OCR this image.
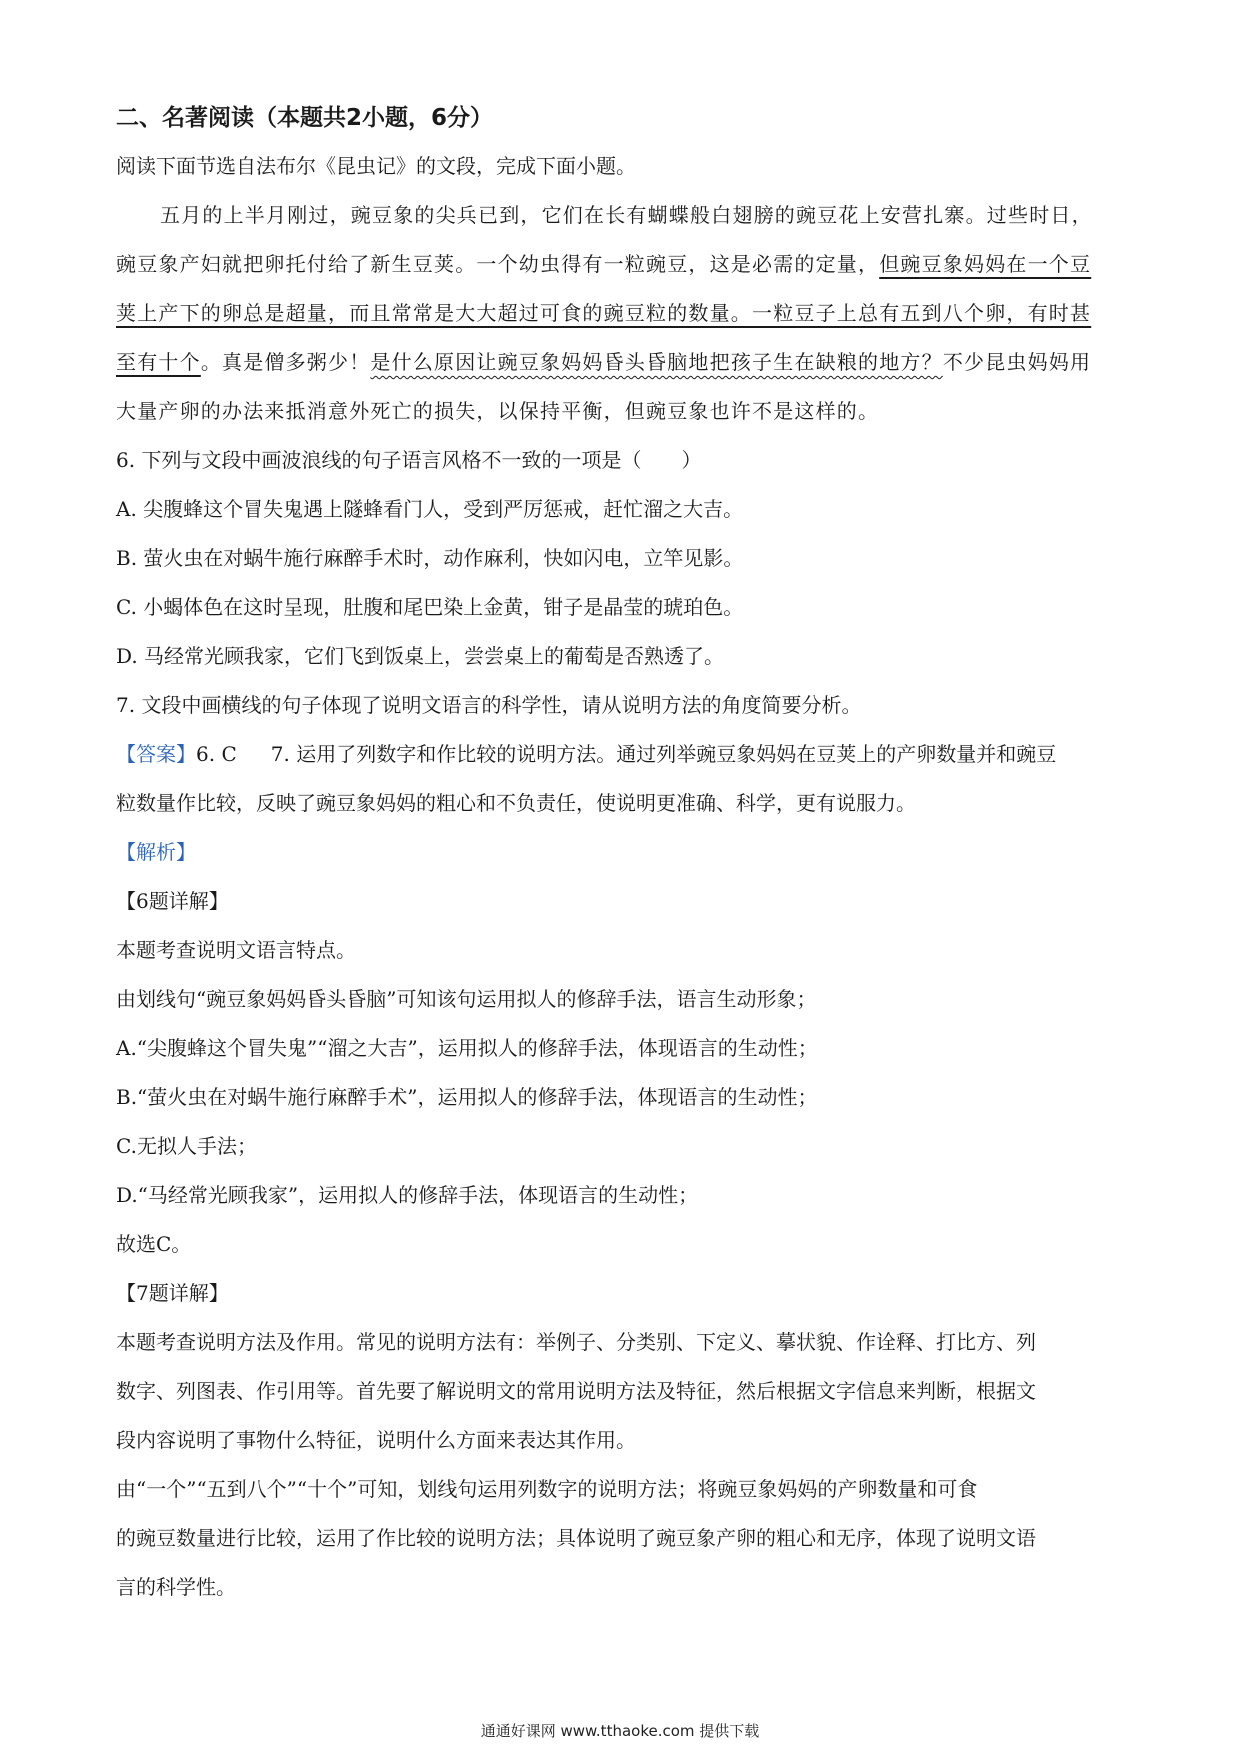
二、名著阅读（本题共2小题，6分）

阅读下面节选自法布尔《昆虫记》的文段，完成下面小题。

五月的上半月刚过，豌豆象的尖兵已到，它们在长有蝴蝶般白翅膀的豌豆花上安营扎寨。过些时日，
豌豆象产妇就把卵托付给了新生豆荚。一个幼虫得有一粒豌豆，这是必需的定量，但豌豆象妈妈在一个豆
荚上产下的卵总是超量，而且常常是大大超过可食的豌豆粒的数量。一粒豆子上总有五到八个卵，有时甚
至有十个。真是僧多粥少！是什么原因让豌豆象妈妈昏头昏脑地把孩子生在缺粮的地方？不少昆虫妈妈用
大量产卵的办法来抵消意外死亡的损失，以保持平衡，但豌豆象也许不是这样的。

6. 下列与文段中画波浪线的句子语言风格不一致的一项是（　　）

A. 尖腹蜂这个冒失鬼遇上隧蜂看门人，受到严厉惩戒，赶忙溜之大吉。

B. 萤火虫在对蜗牛施行麻醉手术时，动作麻利，快如闪电，立竿见影。

C. 小蝎体色在这时呈现，肚腹和尾巴染上金黄，钳子是晶莹的琥珀色。

D. 马经常光顾我家，它们飞到饭桌上，尝尝桌上的葡萄是否熟透了。

7. 文段中画横线的句子体现了说明文语言的科学性，请从说明方法的角度简要分析。

【答案】6. C 7. 运用了列数字和作比较的说明方法。通过列举豌豆象妈妈在豆荚上的产卵数量并和豌豆

粒数量作比较，反映了豌豆象妈妈的粗心和不负责任，使说明更准确、科学，更有说服力。

【解析】

【6题详解】

本题考查说明文语言特点。

由划线句“豌豆象妈妈昏头昏脑”可知该句运用拟人的修辞手法，语言生动形象；

A.“尖腹蜂这个冒失鬼”“溜之大吉”，运用拟人的修辞手法，体现语言的生动性；

B.“萤火虫在对蜗牛施行麻醉手术”，运用拟人的修辞手法，体现语言的生动性；

C.无拟人手法；

D.“马经常光顾我家”，运用拟人的修辞手法，体现语言的生动性；

故选C。

【7题详解】

本题考查说明方法及作用。常见的说明方法有：举例子、分类别、下定义、摹状貌、作诠释、打比方、列

数字、列图表、作引用等。首先要了解说明文的常用说明方法及特征，然后根据文字信息来判断，根据文

段内容说明了事物什么特征，说明什么方面来表达其作用。

由“一个”“五到八个”“十个”可知，划线句运用列数字的说明方法；将豌豆象妈妈的产卵数量和可食

的豌豆数量进行比较，运用了作比较的说明方法；具体说明了豌豆象产卵的粗心和无序，体现了说明文语

言的科学性。

通通好课网 www.tthaoke.com 提供下载
